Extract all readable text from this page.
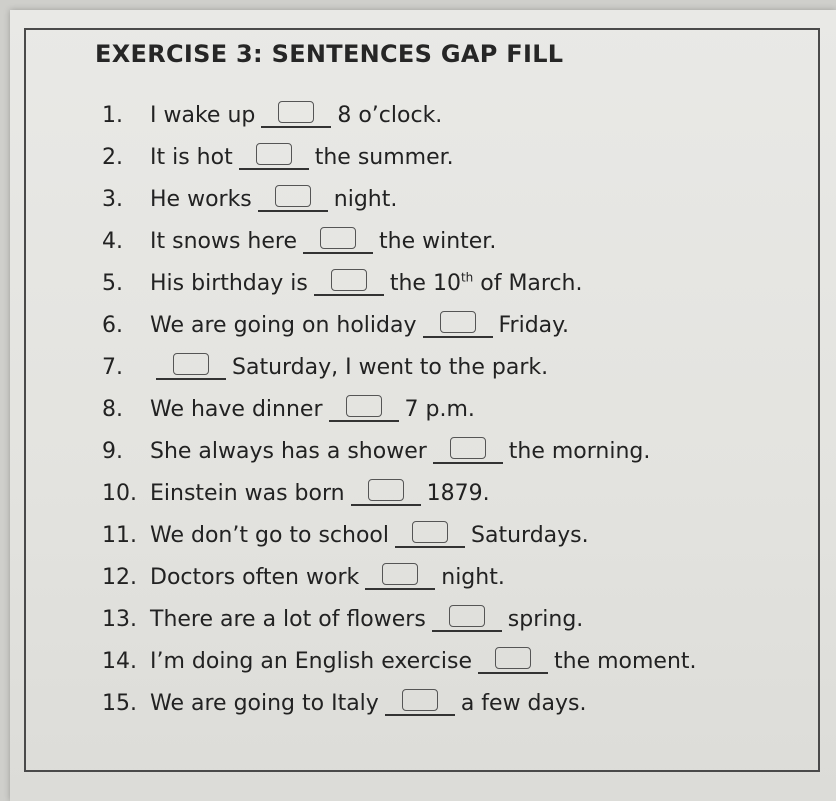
EXERCISE 3: SENTENCES GAP FILL
1.	I wake up	8 o’clock.
2.	It is hot	the summer.
3.	He works	night.
4.	It snows here	the winter.
5.	His birthday is	the 10th of March.
6.	We are going on holiday	Friday.
7.	Saturday, I went to the park.
8.	We have dinner	7 p.m.
9.	She always has a shower	the morning.
10. Einstein was born	1879.
11. We don’t go to school	Saturdays.
12. Doctors often work	night.
13. There are a lot of flowers	spring.
14. I’m doing an English exercise	the moment.
15. We are going to Italy	a few days.
